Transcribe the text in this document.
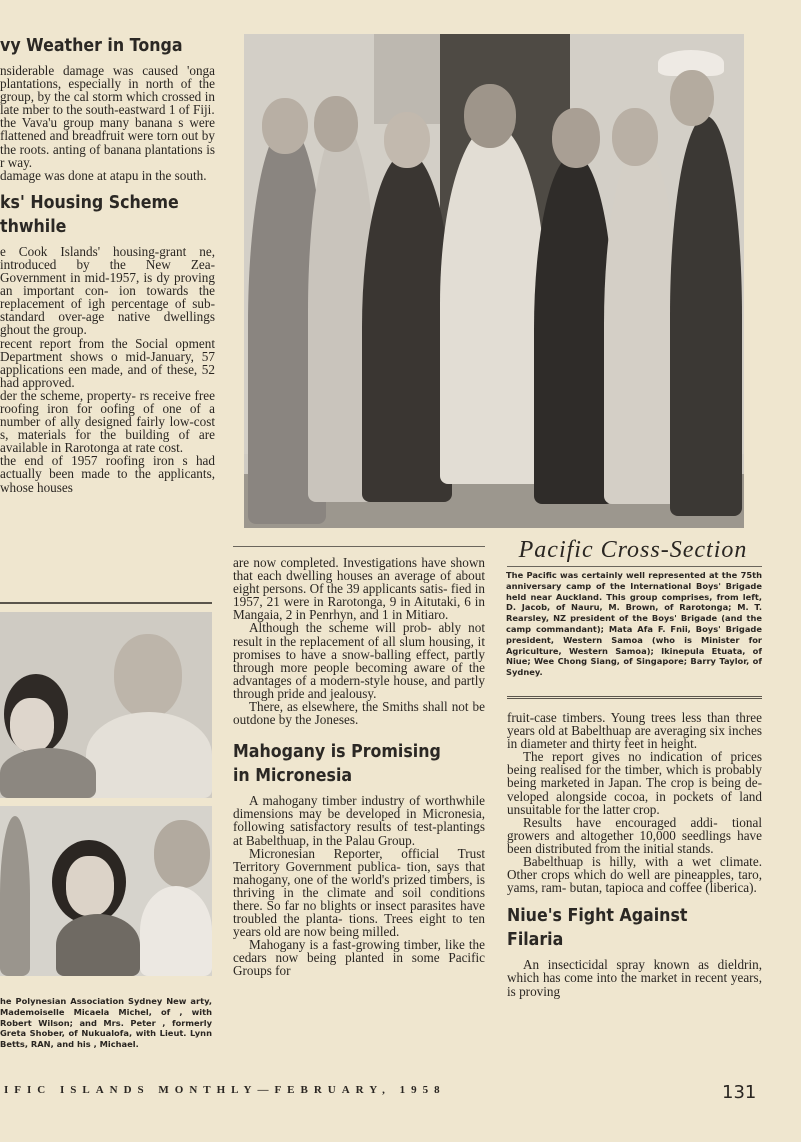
vy Weather in Tonga

nsiderable damage was caused 'onga plantations, especially in north of the group, by the cal storm which crossed in late mber to the south-eastward 1 of Fiji.

the Vava'u group many banana s were flattened and breadfruit were torn out by the roots. anting of banana plantations is r way.

damage was done at atapu in the south.

ks' Housing Scheme
thwhile

e Cook Islands' housing-grant ne, introduced by the New Zea- Government in mid-1957, is dy proving an important con- ion towards the replacement of igh percentage of sub-standard over-age native dwellings ghout the group.

recent report from the Social opment Department shows o mid-January, 57 applications een made, and of these, 52 had approved.

der the scheme, property- rs receive free roofing iron for oofing of one of a number of ally designed fairly low-cost s, materials for the building of are available in Rarotonga at rate cost.

the end of 1957 roofing iron s had actually been made to the applicants, whose houses

he Polynesian Association Sydney New arty, Mademoiselle Micaela Michel, of , with Robert Wilson; and Mrs. Peter , formerly Greta Shober, of Nukualofa, with Lieut. Lynn Betts, RAN, and his , Michael.

are now completed. Investigations have shown that each dwelling houses an average of about eight persons. Of the 39 applicants satis- fied in 1957, 21 were in Rarotonga, 9 in Aitutaki, 6 in Mangaia, 2 in Penrhyn, and 1 in Mitiaro.

Although the scheme will prob- ably not result in the replacement of all slum housing, it promises to have a snow-balling effect, partly through more people becoming aware of the advantages of a modern-style house, and partly through pride and jealousy.

There, as elsewhere, the Smiths shall not be outdone by the Joneses.

Mahogany is Promising
in Micronesia

A mahogany timber industry of worthwhile dimensions may be developed in Micronesia, following satisfactory results of test-plantings at Babelthuap, in the Palau Group.

Micronesian Reporter, official Trust Territory Government publica- tion, says that mahogany, one of the world's prized timbers, is thriving in the climate and soil conditions there. So far no blights or insect parasites have troubled the planta- tions. Trees eight to ten years old are now being milled.

Mahogany is a fast-growing timber, like the cedars now being planted in some Pacific Groups for

Pacific Cross-Section

The Pacific was certainly well represented at the 75th anniversary camp of the International Boys' Brigade held near Auckland. This group comprises, from left, D. Jacob, of Nauru, M. Brown, of Rarotonga; M. T. Rearsley, NZ president of the Boys' Brigade (and the camp commandant); Mata Afa F. Fnii, Boys' Brigade president, Western Samoa (who is Minister for Agriculture, Western Samoa); Ikinepula Etuata, of Niue; Wee Chong Siang, of Singapore; Barry Taylor, of Sydney.

fruit-case timbers. Young trees less than three years old at Babelthuap are averaging six inches in diameter and thirty feet in height.

The report gives no indication of prices being realised for the timber, which is probably being marketed in Japan. The crop is being de- veloped alongside cocoa, in pockets of land unsuitable for the latter crop.

Results have encouraged addi- tional growers and altogether 10,000 seedlings have been distributed from the initial stands.

Babelthuap is hilly, with a wet climate. Other crops which do well are pineapples, taro, yams, ram- butan, tapioca and coffee (liberica).

Niue's Fight Against
Filaria

An insecticidal spray known as dieldrin, which has come into the market in recent years, is proving

IFIC ISLANDS MONTHLY—FEBRUARY, 1958	131
